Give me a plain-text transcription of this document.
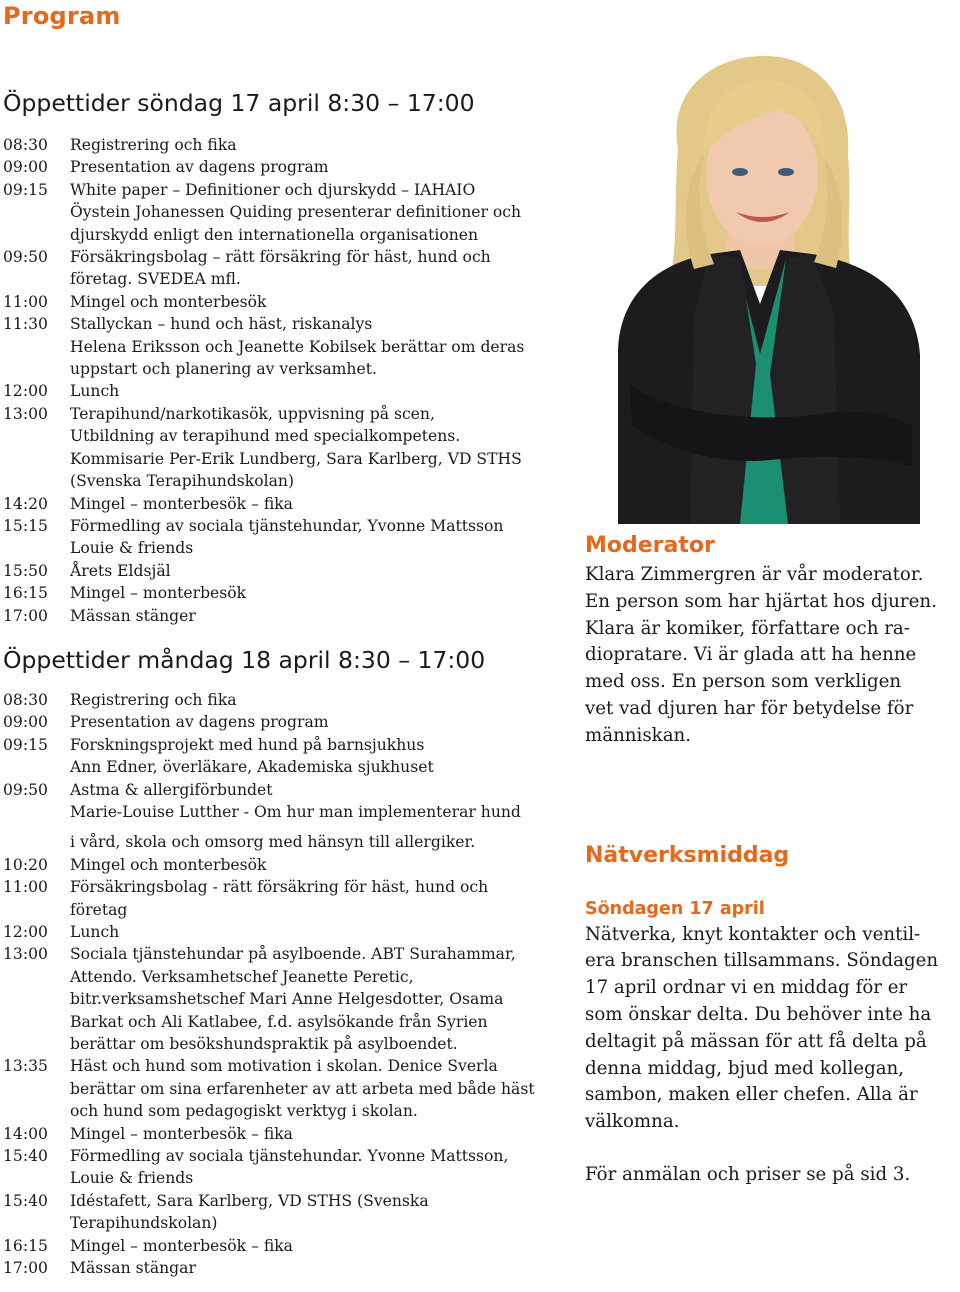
Program
Öppettider söndag 17 april 8:30 – 17:00
08:30	Registrering och fika
09:00	Presentation av dagens program
09:15	White paper – Definitioner och djurskydd – IAHAIO
Öystein Johanessen Quiding presenterar definitioner och
djurskydd enligt den internationella organisationen
09:50	Försäkringsbolag – rätt försäkring för häst, hund och
företag. SVEDEA mfl.
11:00	Mingel och monterbesök
11:30	Stallyckan – hund och häst, riskanalys
Helena Eriksson och Jeanette Kobilsek berättar om deras
uppstart och planering av verksamhet.
12:00	Lunch
13:00	Terapihund/narkotikasök, uppvisning på scen,
Utbildning av terapihund med specialkompetens.
Kommisarie Per-Erik Lundberg, Sara Karlberg, VD STHS
(Svenska Terapihundskolan)
14:20	Mingel – monterbesök – fika
15:15	Förmedling av sociala tjänstehundar, Yvonne Mattsson
Louie & friends
15:50	Årets Eldsjäl
16:15	Mingel – monterbesök
17:00	Mässan stänger
Öppettider måndag 18 april 8:30 – 17:00
08:30	Registrering och fika
09:00	Presentation av dagens program
09:15	Forskningsprojekt med hund på barnsjukhus
Ann Edner, överläkare, Akademiska sjukhuset
09:50	Astma & allergiförbundet
Marie-Louise Lutther - Om hur man implementerar hund
i vård, skola och omsorg med hänsyn till allergiker.
10:20	Mingel och monterbesök
11:00	Försäkringsbolag - rätt försäkring för häst, hund och
företag
12:00	Lunch
13:00	Sociala tjänstehundar på asylboende. ABT Surahammar,
Attendo. Verksamhetschef Jeanette Peretic,
bitr.verksamshetschef Mari Anne Helgesdotter, Osama
Barkat och Ali Katlabee, f.d. asylsökande från Syrien
berättar om besökshundspraktik på asylboendet.
13:35	Häst och hund som motivation i skolan. Denice Sverla
berättar om sina erfarenheter av att arbeta med både häst
och hund som pedagogiskt verktyg i skolan.
14:00	Mingel – monterbesök – fika
15:40	Förmedling av sociala tjänstehundar. Yvonne Mattsson,
Louie & friends
15:40	Idéstafett, Sara Karlberg, VD STHS (Svenska
Terapihundskolan)
16:15	Mingel – monterbesök – fika
17:00	Mässan stängar
Moderator

Klara Zimmergren är vår moderator.
En person som har hjärtat hos djuren.
Klara är komiker, författare och ra-
diopratare. Vi är glada att ha henne
med oss. En person som verkligen
vet vad djuren har för betydelse för
människan.

Nätverksmiddag
Söndagen 17 april

Nätverka, knyt kontakter och ventil-
era branschen tillsammans. Söndagen
17 april ordnar vi en middag för er
som önskar delta. Du behöver inte ha
deltagit på mässan för att få delta på
denna middag, bjud med kollegan,
sambon, maken eller chefen. Alla är
välkomna.

För anmälan och priser se på sid 3.
